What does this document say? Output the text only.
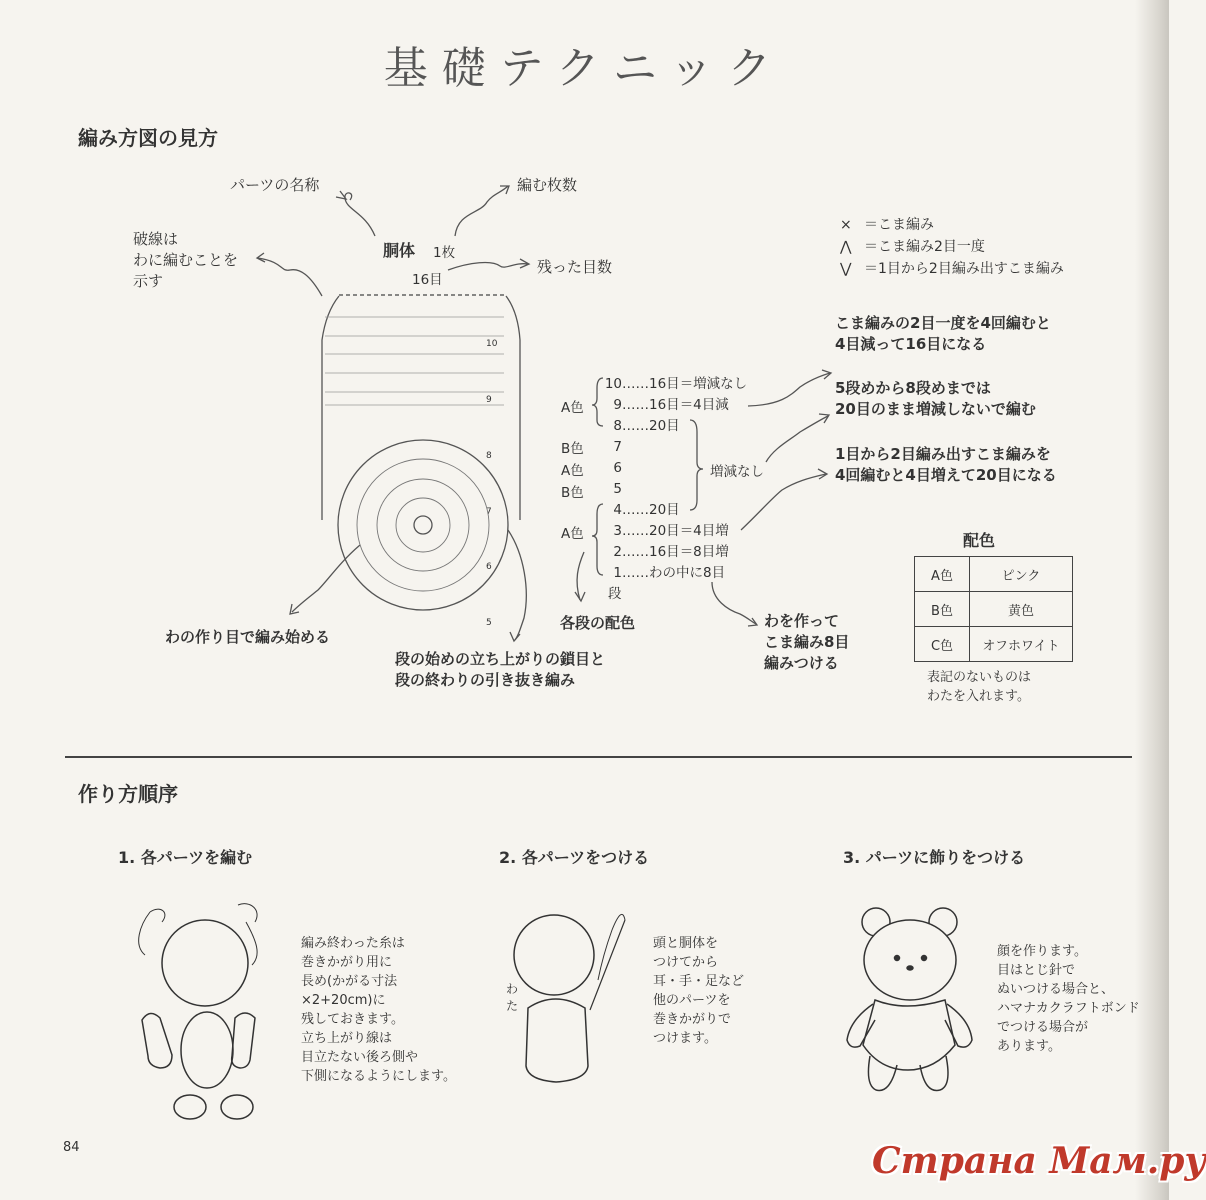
基礎テクニック
編み方図の見方
パーツの名称	編む枚数
破線は
わに編むことを
示す
胴体 1枚
残った目数
16目

10

9

8

7

6

5

× ＝こま編み
⋀ ＝こま編み2目一度
⋁ ＝1目から2目編み出すこま編み
こま編みの2目一度を4回編むと
4目減って16目になる
5段めから8段めまでは
20目のまま増減しないで編む
1目から2目編み出すこま編みを
4回編むと4目増えて20目になる
10……16目＝増減なし
9……16目＝4目減
8……20目
7
6
5
4……20目
3……20目＝4目増
2……16目＝8目増
1……わの中に8目
段
A色
B色
A色
B色
A色
増減なし
各段の配色
わの作り目で編み始める
段の始めの立ち上がりの鎖目と
段の終わりの引き抜き編み
わを作って
こま編み8目
編みつける
配色
A色	ピンク
B色	黄色
C色	オフホワイト
表記のないものは
わたを入れます。
作り方順序
1. 各パーツを編む	2. 各パーツをつける	3. パーツに飾りをつける
編み終わった糸は
巻きかがり用に
長め(かがる寸法
×2+20cm)に
残しておきます。
立ち上がり線は
目立たない後ろ側や
下側になるようにします。
頭と胴体を
つけてから
耳・手・足など
他のパーツを
巻きかがりで
つけます。
わ
た
顔を作ります。
目はとじ針で
ぬいつける場合と、
ハマナカクラフトボンド
でつける場合が
あります。
84	Страна Мам.ру
